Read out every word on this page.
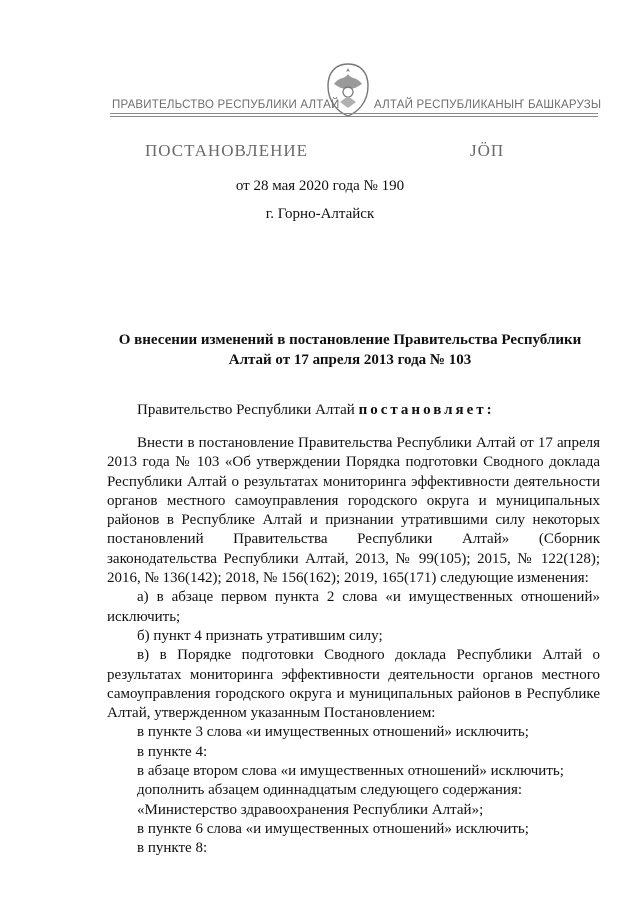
ПРАВИТЕЛЬСТВО РЕСПУБЛИКИ АЛТАЙ	АЛТАЙ РЕСПУБЛИКАНЫҤ БАШКАРУЗЫ
ПОСТАНОВЛЕНИЕ	ЈӦП
от 28 мая 2020 года № 190
г. Горно-Алтайск
О внесении изменений в постановление Правительства Республики
Алтай от 17 апреля 2013 года № 103
Правительство Республики Алтай постановляет:

Внести в постановление Правительства Республики Алтай от 17 апреля 2013 года № 103 «Об утверждении Порядка подготовки Сводного доклада Республики Алтай о результатах мониторинга эффективности деятельности органов местного самоуправления городского округа и муниципальных районов в Республике Алтай и признании утратившими силу некоторых постановлений Правительства Республики Алтай» (Сборник законодательства Республики Алтай, 2013, № 99(105); 2015, № 122(128); 2016, № 136(142); 2018, № 156(162); 2019, 165(171) следующие изменения:

а) в абзаце первом пункта 2 слова «и имущественных отношений» исключить;

б) пункт 4 признать утратившим силу;

в) в Порядке подготовки Сводного доклада Республики Алтай о результатах мониторинга эффективности деятельности органов местного самоуправления городского округа и муниципальных районов в Республике Алтай, утвержденном указанным Постановлением:

в пункте 3 слова «и имущественных отношений» исключить;

в пункте 4:

в абзаце втором слова «и имущественных отношений» исключить;

дополнить абзацем одиннадцатым следующего содержания:

«Министерство здравоохранения Республики Алтай»;

в пункте 6 слова «и имущественных отношений» исключить;

в пункте 8:
